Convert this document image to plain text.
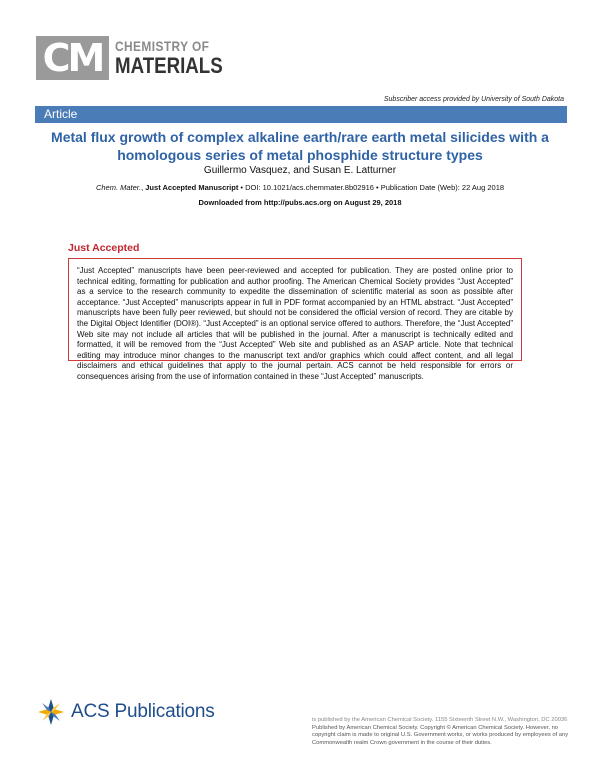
CM CHEMISTRY OF
MATERIALS
Subscriber access provided by University of South Dakota
Article
Metal flux growth of complex alkaline earth/rare earth metal silicides with a homologous series of metal phosphide structure types
Guillermo Vasquez, and Susan E. Latturner
Chem. Mater., Just Accepted Manuscript • DOI: 10.1021/acs.chemmater.8b02916 • Publication Date (Web): 22 Aug 2018
Downloaded from http://pubs.acs.org on August 29, 2018
Just Accepted
“Just Accepted” manuscripts have been peer-reviewed and accepted for publication. They are posted online prior to technical editing, formatting for publication and author proofing. The American Chemical Society provides “Just Accepted” as a service to the research community to expedite the dissemination of scientific material as soon as possible after acceptance. “Just Accepted” manuscripts appear in full in PDF format accompanied by an HTML abstract. “Just Accepted” manuscripts have been fully peer reviewed, but should not be considered the official version of record. They are citable by the Digital Object Identifier (DOI®). “Just Accepted” is an optional service offered to authors. Therefore, the “Just Accepted” Web site may not include all articles that will be published in the journal. After a manuscript is technically edited and formatted, it will be removed from the “Just Accepted” Web site and published as an ASAP article. Note that technical editing may introduce minor changes to the manuscript text and/or graphics which could affect content, and all legal disclaimers and ethical guidelines that apply to the journal pertain. ACS cannot be held responsible for errors or consequences arising from the use of information contained in these “Just Accepted” manuscripts.
ACS Publications	is published by the American Chemical Society. 1155 Sixteenth Street N.W., Washington, DC 20036
Published by American Chemical Society. Copyright © American Chemical Society. However, no copyright claim is made to original U.S. Government works, or works produced by employees of any Commonwealth realm Crown government in the course of their duties.
